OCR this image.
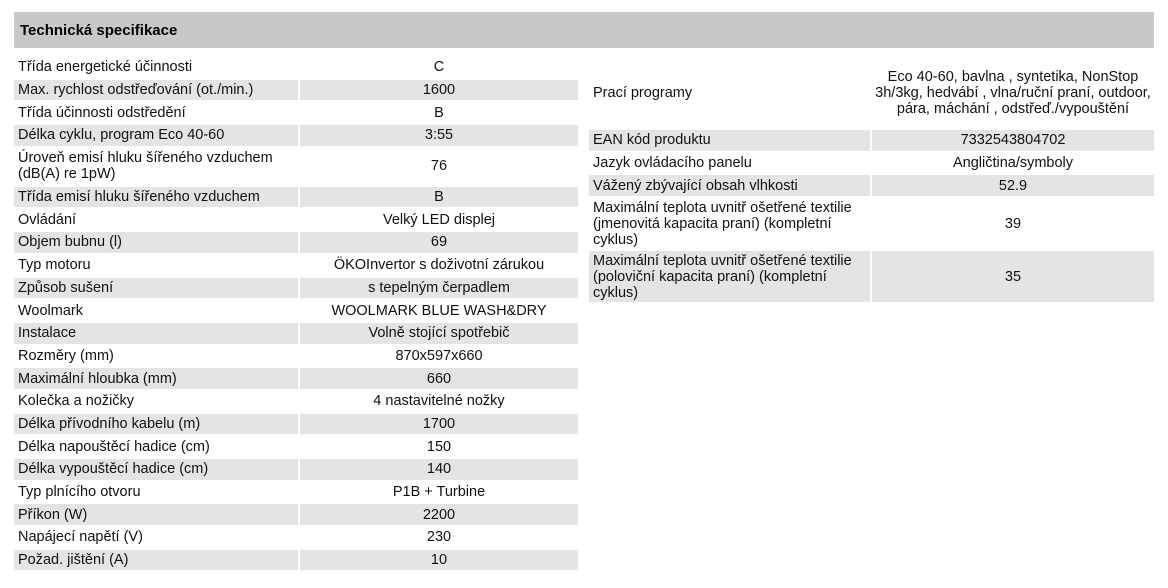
Technická specifikace
Třída energetické účinnosti	C
Max. rychlost odstřeďování (ot./min.)	1600
Třída účinnosti odstředění	B
Délka cyklu, program Eco 40-60	3:55
Úroveň emisí hluku šířeného vzduchem (dB(A) re 1pW)	76
Třída emisí hluku šířeného vzduchem	B
Ovládání	Velký LED displej
Objem bubnu (l)	69
Typ motoru	ÖKOInvertor s doživotní zárukou
Způsob sušení	s tepelným čerpadlem
Woolmark	WOOLMARK BLUE WASH&DRY
Instalace	Volně stojící spotřebič
Rozměry (mm)	870x597x660
Maximální hloubka (mm)	660
Kolečka a nožičky	4 nastavitelné nožky
Délka přívodního kabelu (m)	1700
Délka napouštěcí hadice (cm)	150
Délka vypouštěcí hadice (cm)	140
Typ plnícího otvoru	P1B + Turbine
Příkon (W)	2200
Napájecí napětí (V)	230
Požad. jištění (A)	10
Prací programy	Eco 40-60, bavlna , syntetika, NonStop 3h/3kg, hedvábí , vlna/ruční praní, outdoor, pára, máchání , odstřeď./vypouštění
EAN kód produktu	7332543804702
Jazyk ovládacího panelu	Angličtina/symboly
Vážený zbývající obsah vlhkosti	52.9
Maximální teplota uvnitř ošetřené textilie (jmenovitá kapacita praní) (kompletní cyklus)	39
Maximální teplota uvnitř ošetřené textilie (poloviční kapacita praní) (kompletní cyklus)	35
